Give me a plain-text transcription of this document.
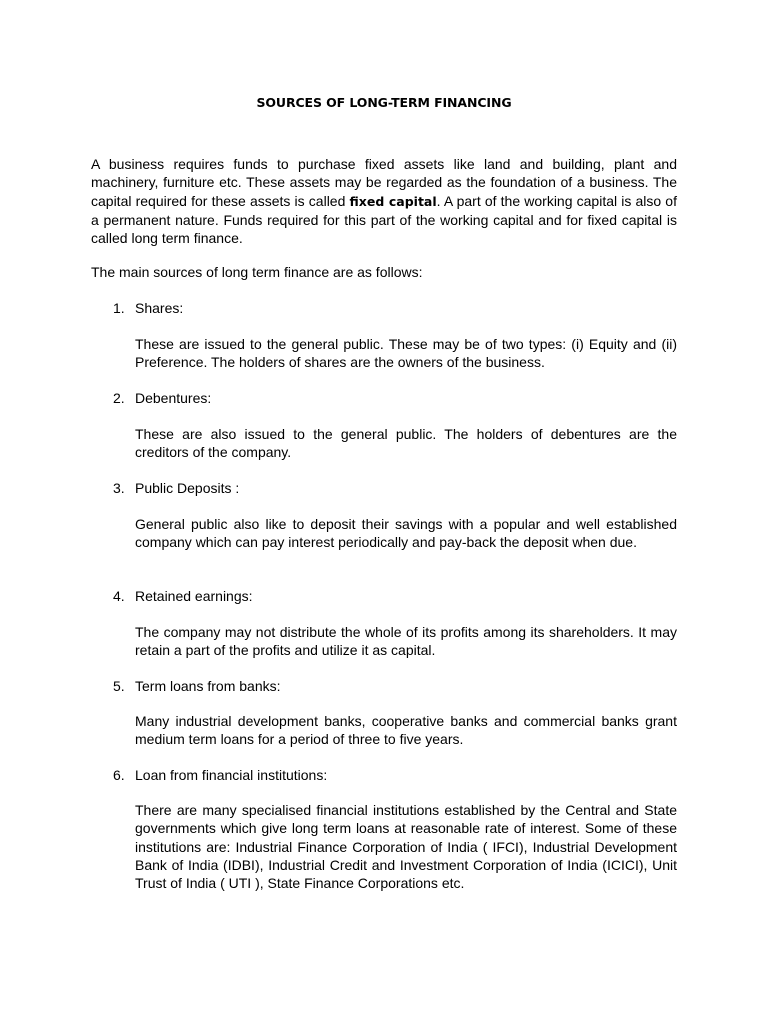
SOURCES OF LONG-TERM FINANCING
A business requires funds to purchase fixed assets like land and building, plant and machinery, furniture etc. These assets may be regarded as the foundation of a business. The capital required for these assets is called fixed capital. A part of the working capital is also of a permanent nature. Funds required for this part of the working capital and for fixed capital is called long term finance.
The main sources of long term finance are as follows:
1. Shares:
These are issued to the general public. These may be of two types: (i) Equity and (ii) Preference. The holders of shares are the owners of the business.
2. Debentures:
These are also issued to the general public. The holders of debentures are the creditors of the company.
3. Public Deposits :
General public also like to deposit their savings with a popular and well established company which can pay interest periodically and pay-back the deposit when due.
4. Retained earnings:
The company may not distribute the whole of its profits among its shareholders. It may retain a part of the profits and utilize it as capital.
5. Term loans from banks:
Many industrial development banks, cooperative banks and commercial banks grant medium term loans for a period of three to five years.
6. Loan from financial institutions:
There are many specialised financial institutions established by the Central and State governments which give long term loans at reasonable rate of interest. Some of these institutions are: Industrial Finance Corporation of India ( IFCI), Industrial Development Bank of India (IDBI), Industrial Credit and Investment Corporation of India (ICICI), Unit Trust of India ( UTI ), State Finance Corporations etc.
